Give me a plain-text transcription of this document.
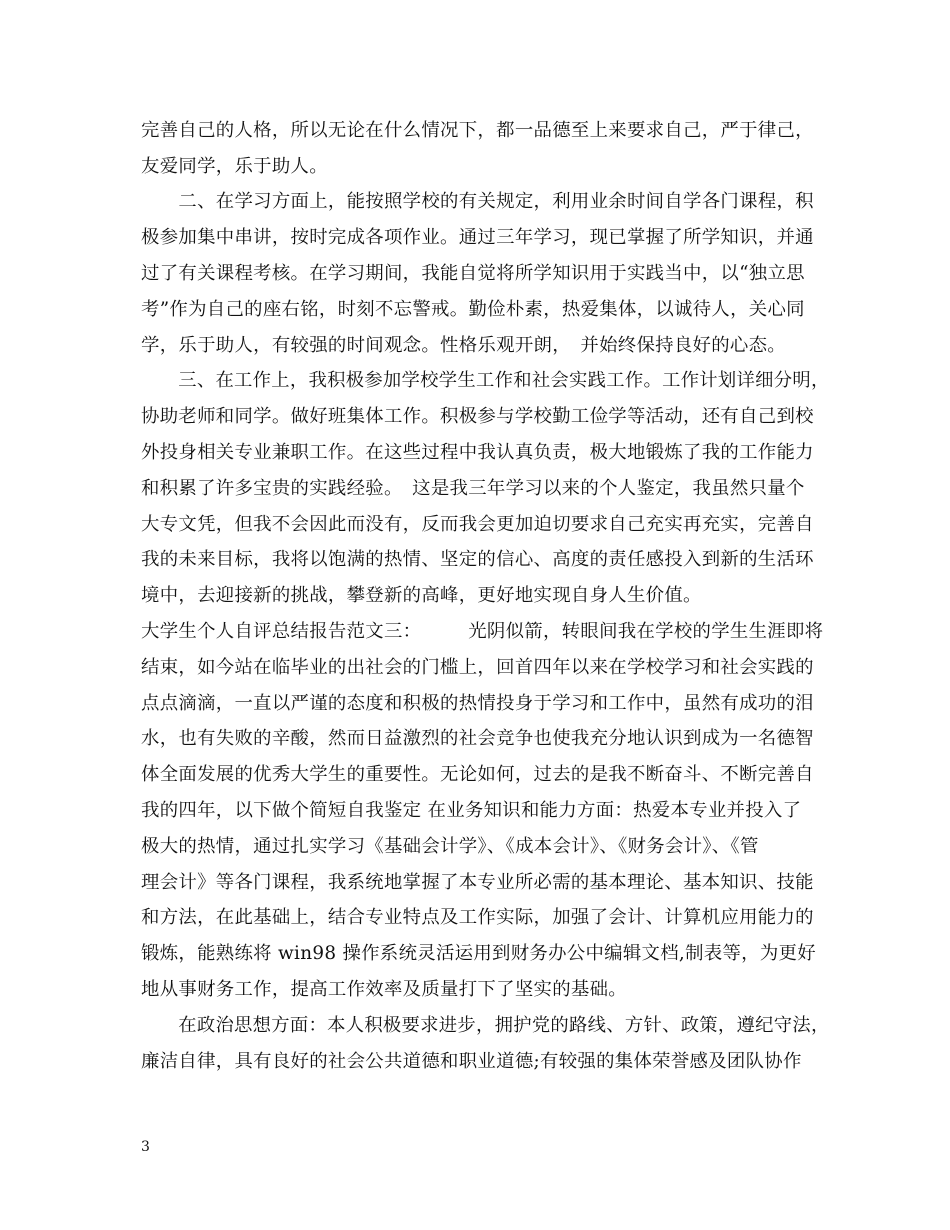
完善自己的人格，所以无论在什么情况下，都一品德至上来要求自己，严于律己，
友爱同学，乐于助人。
　　二、在学习方面上，能按照学校的有关规定，利用业余时间自学各门课程，积
极参加集中串讲，按时完成各项作业。通过三年学习，现已掌握了所学知识，并通
过了有关课程考核。在学习期间，我能自觉将所学知识用于实践当中，以“独立思
考”作为自己的座右铭，时刻不忘警戒。勤俭朴素，热爱集体，以诚待人，关心同
学，乐于助人，有较强的时间观念。性格乐观开朗，　并始终保持良好的心态。
　　三、在工作上，我积极参加学校学生工作和社会实践工作。工作计划详细分明，
协助老师和同学。做好班集体工作。积极参与学校勤工俭学等活动，还有自己到校
外投身相关专业兼职工作。在这些过程中我认真负责，极大地锻炼了我的工作能力
和积累了许多宝贵的实践经验。　这是我三年学习以来的个人鉴定，我虽然只量个
大专文凭，但我不会因此而没有，反而我会更加迫切要求自己充实再充实，完善自
我的未来目标，我将以饱满的热情、坚定的信心、高度的责任感投入到新的生活环
境中，去迎接新的挑战，攀登新的高峰，更好地实现自身人生价值。
大学生个人自评总结报告范文三：　　　光阴似箭，转眼间我在学校的学生生涯即将
结束，如今站在临毕业的出社会的门槛上，回首四年以来在学校学习和社会实践的
点点滴滴，一直以严谨的态度和积极的热情投身于学习和工作中，虽然有成功的泪
水，也有失败的辛酸，然而日益激烈的社会竞争也使我充分地认识到成为一名德智
体全面发展的优秀大学生的重要性。无论如何，过去的是我不断奋斗、不断完善自
我的四年，以下做个简短自我鉴定 在业务知识和能力方面：热爱本专业并投入了
极大的热情，通过扎实学习《基础会计学》、《成本会计》、《财务会计》、《管
理会计》等各门课程，我系统地掌握了本专业所必需的基本理论、基本知识、技能
和方法，在此基础上，结合专业特点及工作实际，加强了会计、计算机应用能力的
锻炼，能熟练将 win98 操作系统灵活运用到财务办公中编辑文档,制表等，为更好
地从事财务工作，提高工作效率及质量打下了坚实的基础。
　　在政治思想方面：本人积极要求进步，拥护党的路线、方针、政策，遵纪守法，
廉洁自律，具有良好的社会公共道德和职业道德;有较强的集体荣誉感及团队协作
3
